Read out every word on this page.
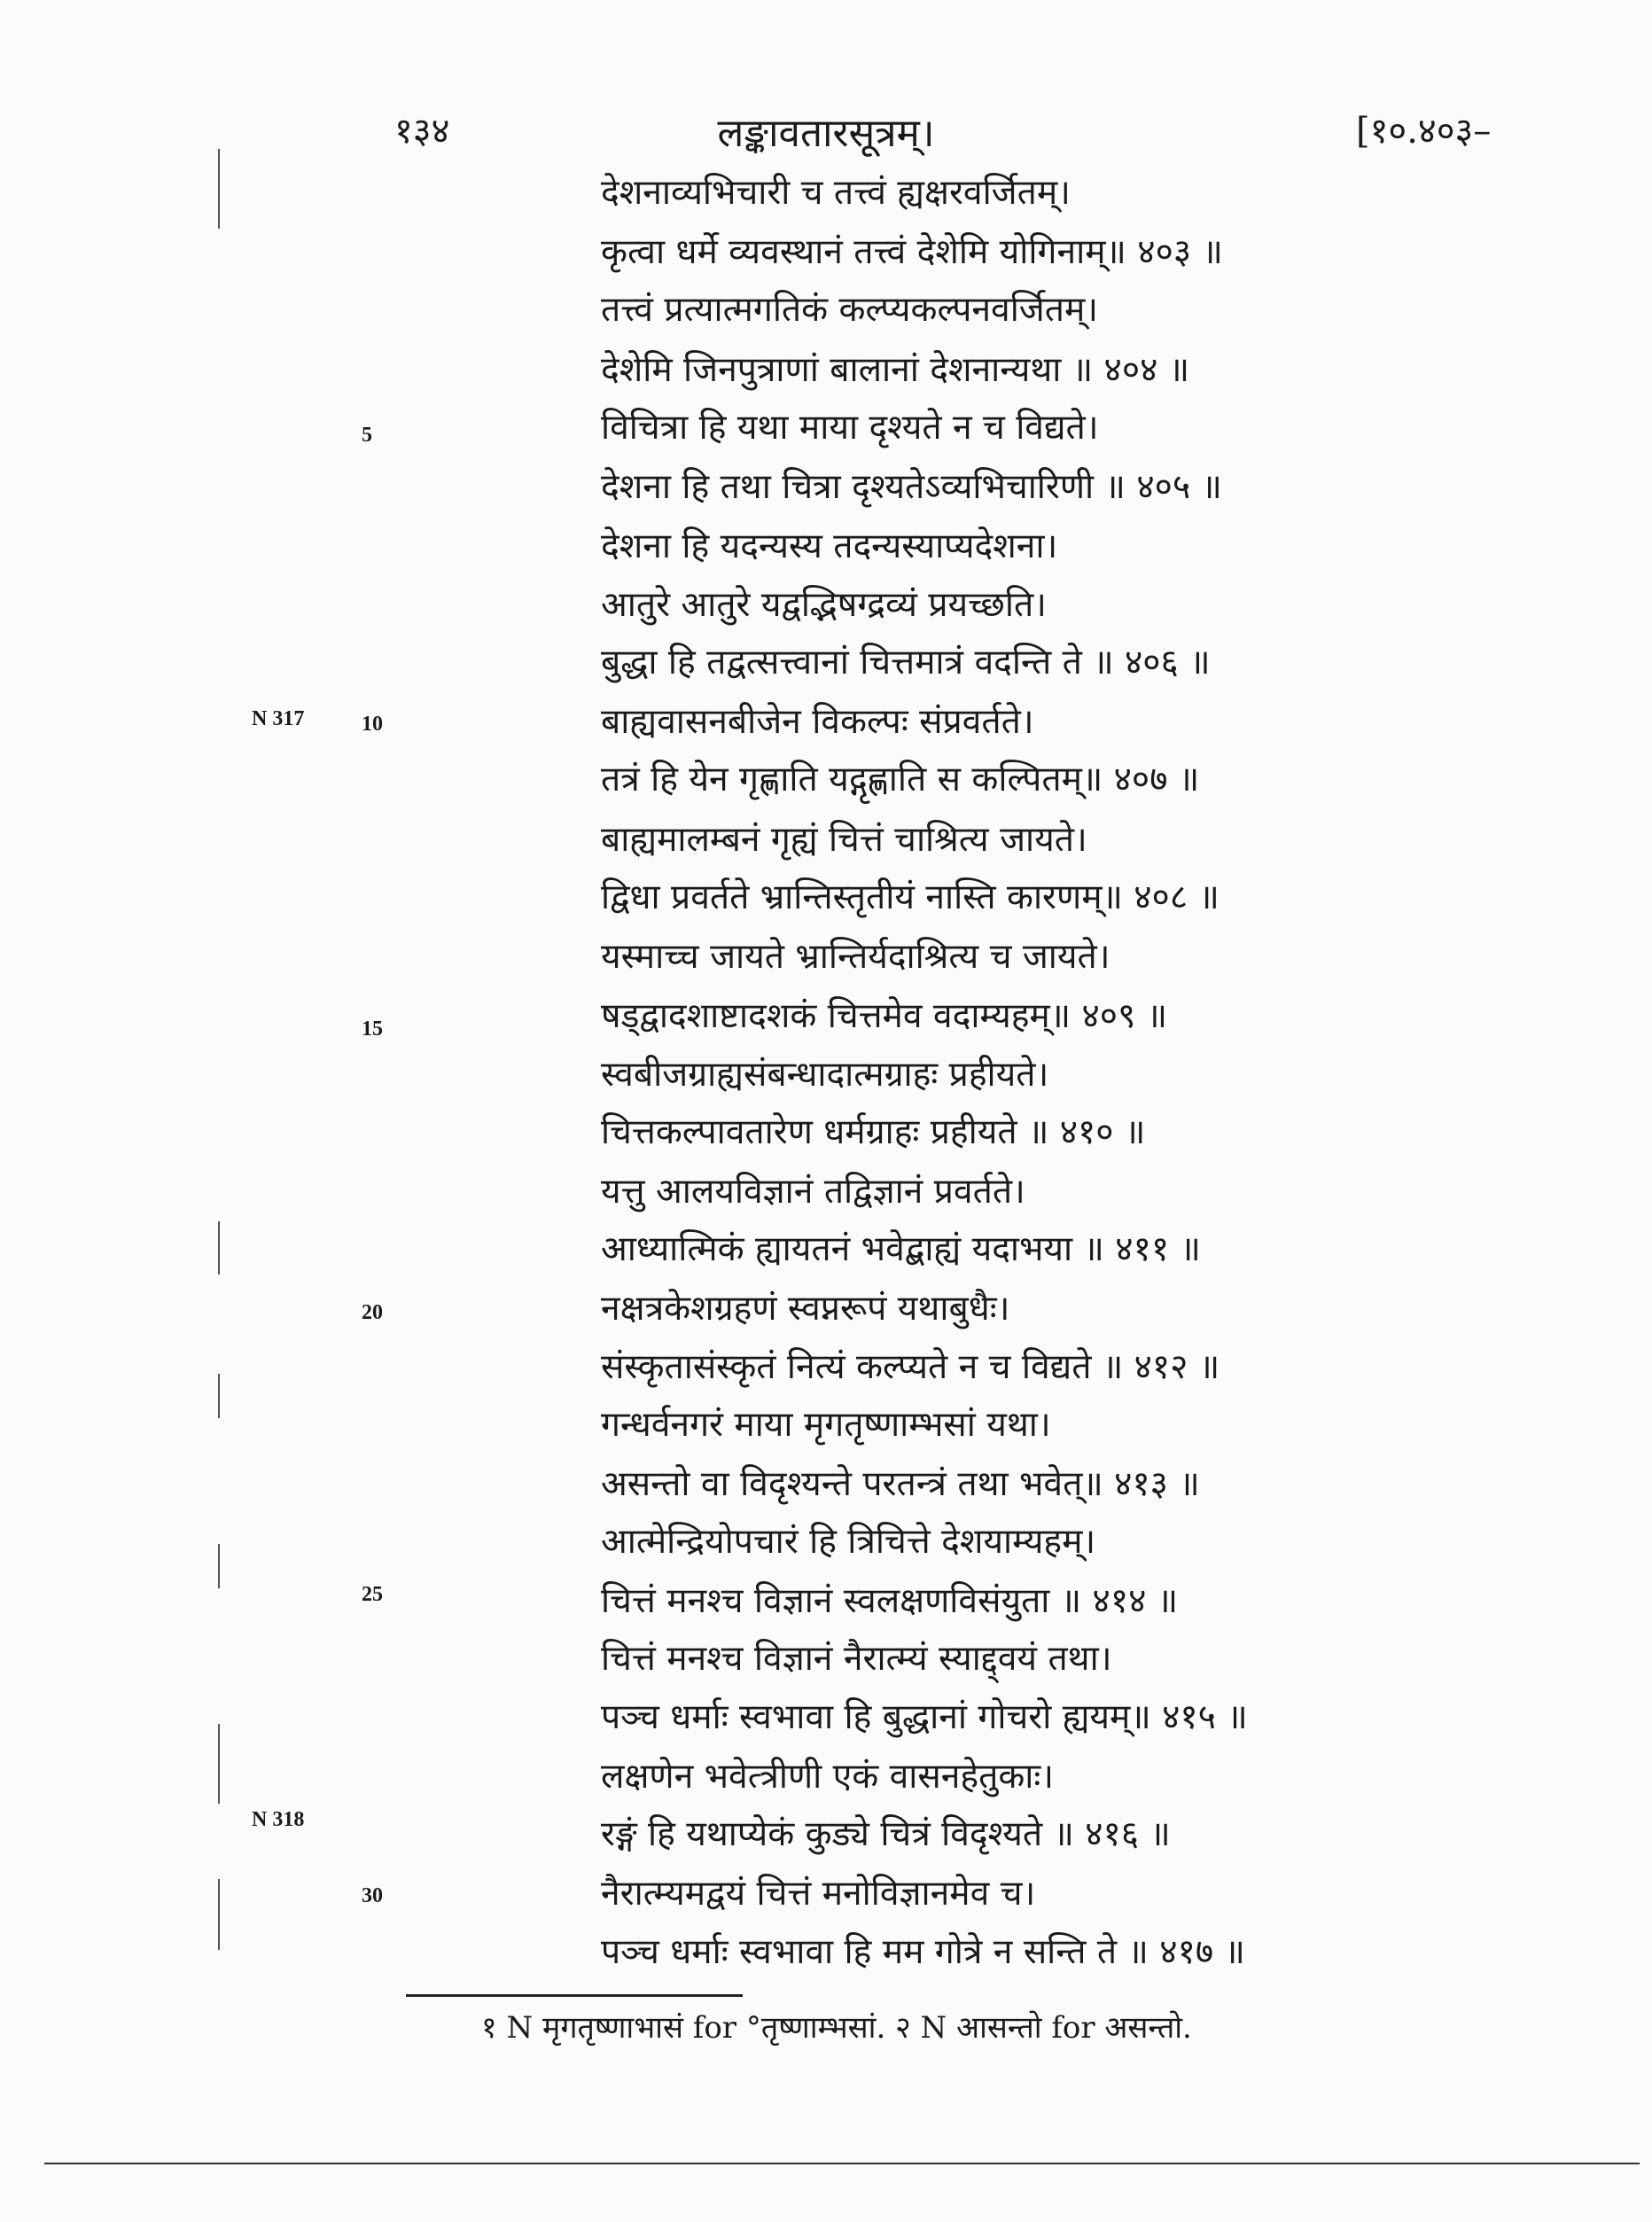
१३४	लङ्कावतारसूत्रम्।	[१०.४०३–
N 317
N 318
5
10
15
20
25
30
देशनाव्यभिचारी च तत्त्वं ह्यक्षरवर्जितम्।
कृत्वा धर्मे व्यवस्थानं तत्त्वं देशेमि योगिनाम्॥ ४०३ ॥
तत्त्वं प्रत्यात्मगतिकं कल्प्यकल्पनवर्जितम्।
देशेमि जिनपुत्राणां बालानां देशनान्यथा ॥ ४०४ ॥
विचित्रा हि यथा माया दृश्यते न च विद्यते।
देशना हि तथा चित्रा दृश्यतेऽव्यभिचारिणी ॥ ४०५ ॥
देशना हि यदन्यस्य तदन्यस्याप्यदेशना।
आतुरे आतुरे यद्वद्भिषग्द्रव्यं प्रयच्छति।
बुद्धा हि तद्वत्सत्त्वानां चित्तमात्रं वदन्ति ते ॥ ४०६ ॥
बाह्यवासनबीजेन विकल्पः संप्रवर्तते।
तत्रं हि येन गृह्णाति यद्गृह्णाति स कल्पितम्॥ ४०७ ॥
बाह्यमालम्बनं गृह्यं चित्तं चाश्रित्य जायते।
द्विधा प्रवर्तते भ्रान्तिस्तृतीयं नास्ति कारणम्॥ ४०८ ॥
यस्माच्च जायते भ्रान्तिर्यदाश्रित्य च जायते।
षड्द्वादशाष्टादशकं चित्तमेव वदाम्यहम्॥ ४०९ ॥
स्वबीजग्राह्यसंबन्धादात्मग्राहः प्रहीयते।
चित्तकल्पावतारेण धर्मग्राहः प्रहीयते ॥ ४१० ॥
यत्तु आलयविज्ञानं तद्विज्ञानं प्रवर्तते।
आध्यात्मिकं ह्यायतनं भवेद्बाह्यं यदाभया ॥ ४११ ॥
नक्षत्रकेशग्रहणं स्वप्नरूपं यथाबुधैः।
संस्कृतासंस्कृतं नित्यं कल्प्यते न च विद्यते ॥ ४१२ ॥
गन्धर्वनगरं माया मृगतृष्णाम्भसां यथा।
असन्तो वा विदृश्यन्ते परतन्त्रं तथा भवेत्॥ ४१३ ॥
आत्मेन्द्रियोपचारं हि त्रिचित्ते देशयाम्यहम्।
चित्तं मनश्च विज्ञानं स्वलक्षणविसंयुता ॥ ४१४ ॥
चित्तं मनश्च विज्ञानं नैरात्म्यं स्याद्द्वयं तथा।
पञ्च धर्माः स्वभावा हि बुद्धानां गोचरो ह्ययम्॥ ४१५ ॥
लक्षणेन भवेत्त्रीणी एकं वासनहेतुकाः।
रङ्गं हि यथाप्येकं कुड्ये चित्रं विदृश्यते ॥ ४१६ ॥
नैरात्म्यमद्वयं चित्तं मनोविज्ञानमेव च।
पञ्च धर्माः स्वभावा हि मम गोत्रे न सन्ति ते ॥ ४१७ ॥
१ N मृगतृष्णाभासं for °तृष्णाम्भसां. २ N आसन्तो for असन्तो.
